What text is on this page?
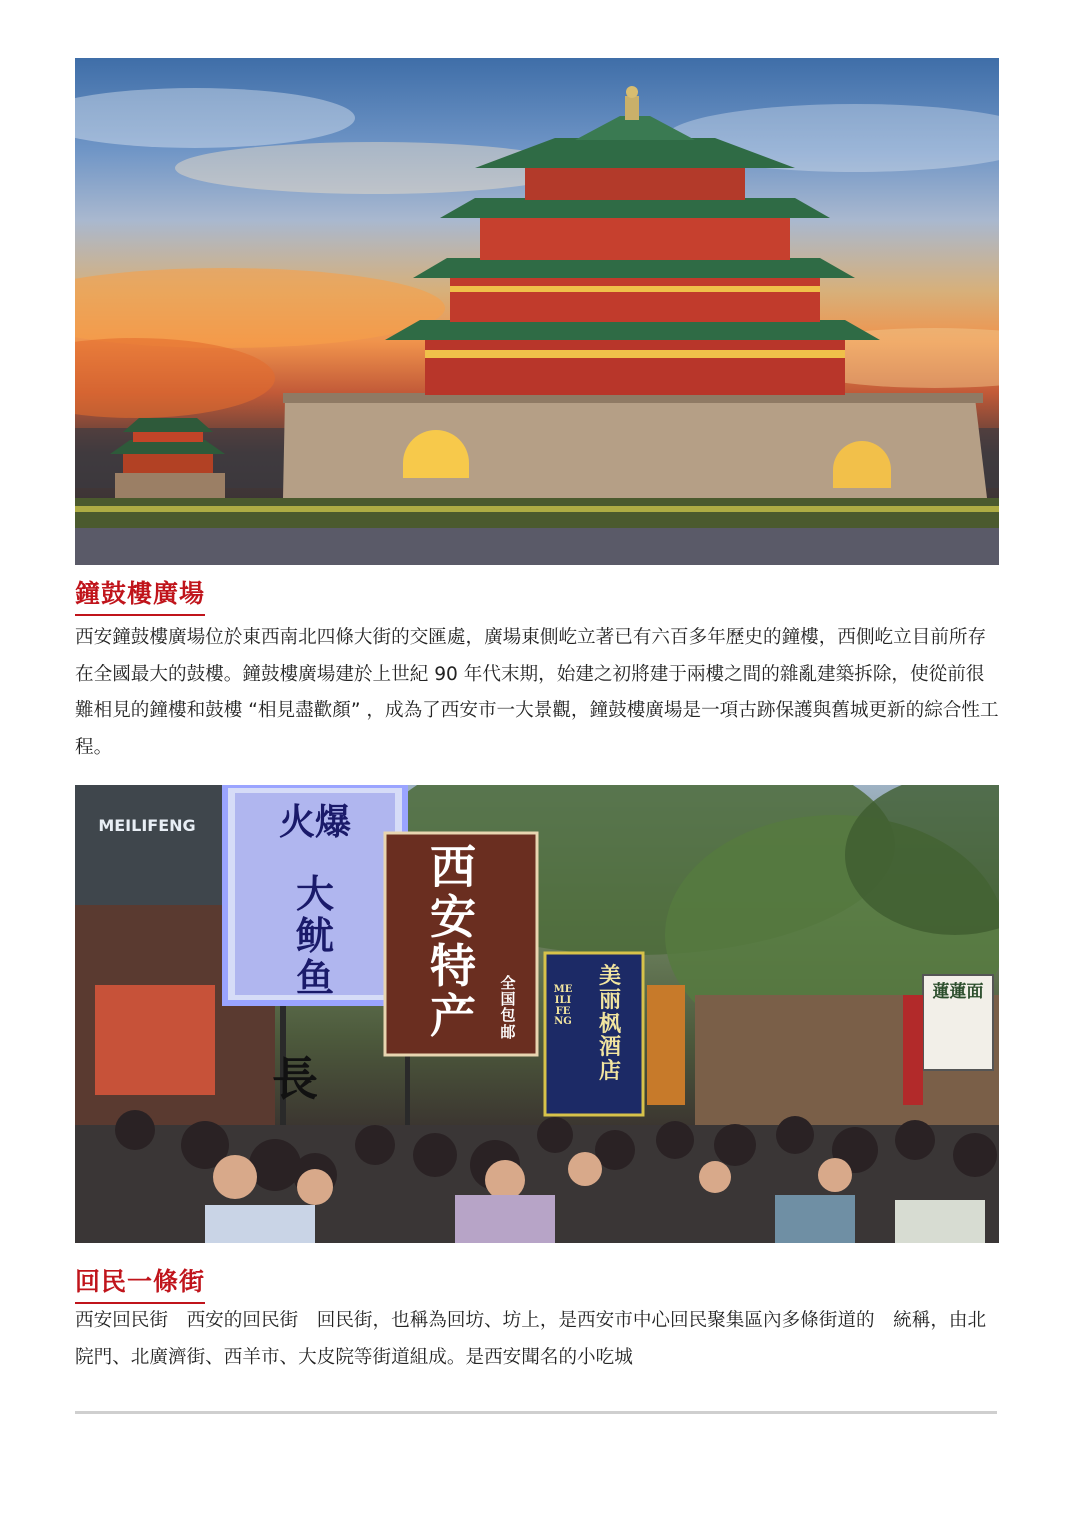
鐘鼓樓廣場

西安鐘鼓樓廣場位於東西南北四條大街的交匯處，廣場東側屹立著已有六百多年歷史的鐘樓，西側屹立目前所存在全國最大的鼓樓。鐘鼓樓廣場建於上世紀 90 年代末期，始建之初將建于兩樓之間的雜亂建築拆除，使從前很難相見的鐘樓和鼓樓 “相見盡歡顏” ，成為了西安市一大景觀，鐘鼓樓廣場是一項古跡保護與舊城更新的綜合性工程。

MEILIFENG	火爆
大
鱿
鱼
西安特产
全国包邮
美丽枫酒店
MEILIFENG
長
蓮蓮面
回民一條街

西安回民街　西安的回民街　回民街，也稱為回坊、坊上，是西安市中心回民聚集區內多條街道的　統稱，由北院門、北廣濟街、西羊市、大皮院等街道組成。是西安聞名的小吃城
